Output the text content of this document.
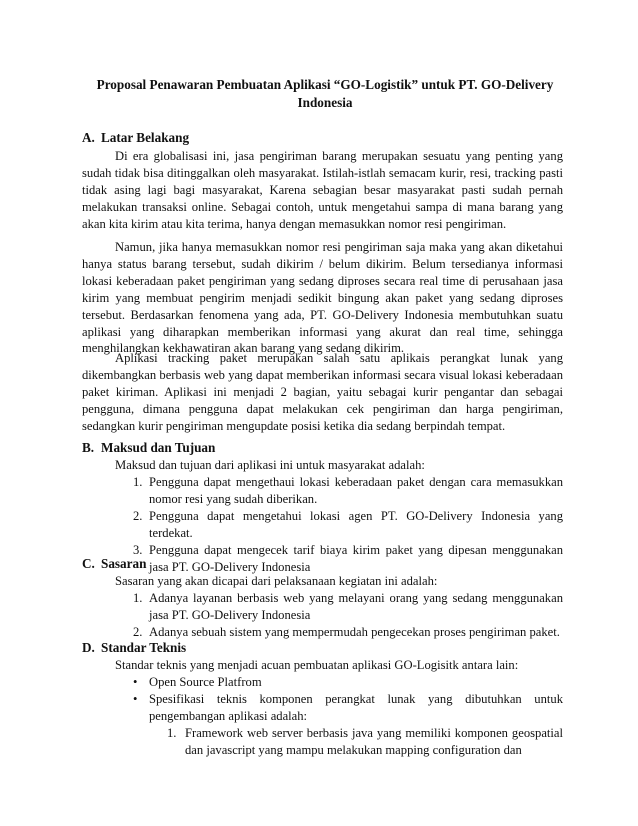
Proposal Penawaran Pembuatan Aplikasi “GO-Logistik” untuk PT. GO-Delivery Indonesia
A. Latar Belakang

Di era globalisasi ini, jasa pengiriman barang merupakan sesuatu yang penting yang sudah tidak bisa ditinggalkan oleh masyarakat. Istilah-istlah semacam kurir, resi, tracking pasti tidak asing lagi bagi masyarakat, Karena sebagian besar masyarakat pasti sudah pernah melakukan transaksi online. Sebagai contoh, untuk mengetahui sampa di mana barang yang akan kita kirim atau kita terima, hanya dengan memasukkan nomor resi pengiriman.

Namun, jika hanya memasukkan nomor resi pengiriman saja maka yang akan diketahui hanya status barang tersebut, sudah dikirim / belum dikirim. Belum tersedianya informasi lokasi keberadaan paket pengiriman yang sedang diproses secara real time di perusahaan jasa kirim yang membuat pengirim menjadi sedikit bingung akan paket yang sedang diproses tersebut. Berdasarkan fenomena yang ada, PT. GO-Delivery Indonesia membutuhkan suatu aplikasi yang diharapkan memberikan informasi yang akurat dan real time, sehingga menghilangkan kekhawatiran akan barang yang sedang dikirim.

Aplikasi tracking paket merupakan salah satu aplikais perangkat lunak yang dikembangkan berbasis web yang dapat memberikan informasi secara visual lokasi keberadaan paket kiriman. Aplikasi ini menjadi 2 bagian, yaitu sebagai kurir pengantar dan sebagai pengguna, dimana pengguna dapat melakukan cek pengiriman dan harga pengiriman, sedangkan kurir pengiriman mengupdate posisi ketika dia sedang berpindah tempat.

B. Maksud dan Tujuan

Maksud dan tujuan dari aplikasi ini untuk masyarakat adalah:

1. Pengguna dapat mengethaui lokasi keberadaan paket dengan cara memasukkan nomor resi yang sudah diberikan.
2. Pengguna dapat mengetahui lokasi agen PT. GO-Delivery Indonesia yang terdekat.
3. Pengguna dapat mengecek tarif biaya kirim paket yang dipesan menggunakan jasa PT. GO-Delivery Indonesia
C. Sasaran

Sasaran yang akan dicapai dari pelaksanaan kegiatan ini adalah:

1. Adanya layanan berbasis web yang melayani orang yang sedang menggunakan jasa PT. GO-Delivery Indonesia
2. Adanya sebuah sistem yang mempermudah pengecekan proses pengiriman paket.
D. Standar Teknis

Standar teknis yang menjadi acuan pembuatan aplikasi GO-Logisitk antara lain:

• Open Source Platfrom
• Spesifikasi teknis komponen perangkat lunak yang dibutuhkan untuk pengembangan aplikasi adalah:
1. Framework web server berbasis java yang memiliki komponen geospatial dan javascript yang mampu melakukan mapping configuration dan
